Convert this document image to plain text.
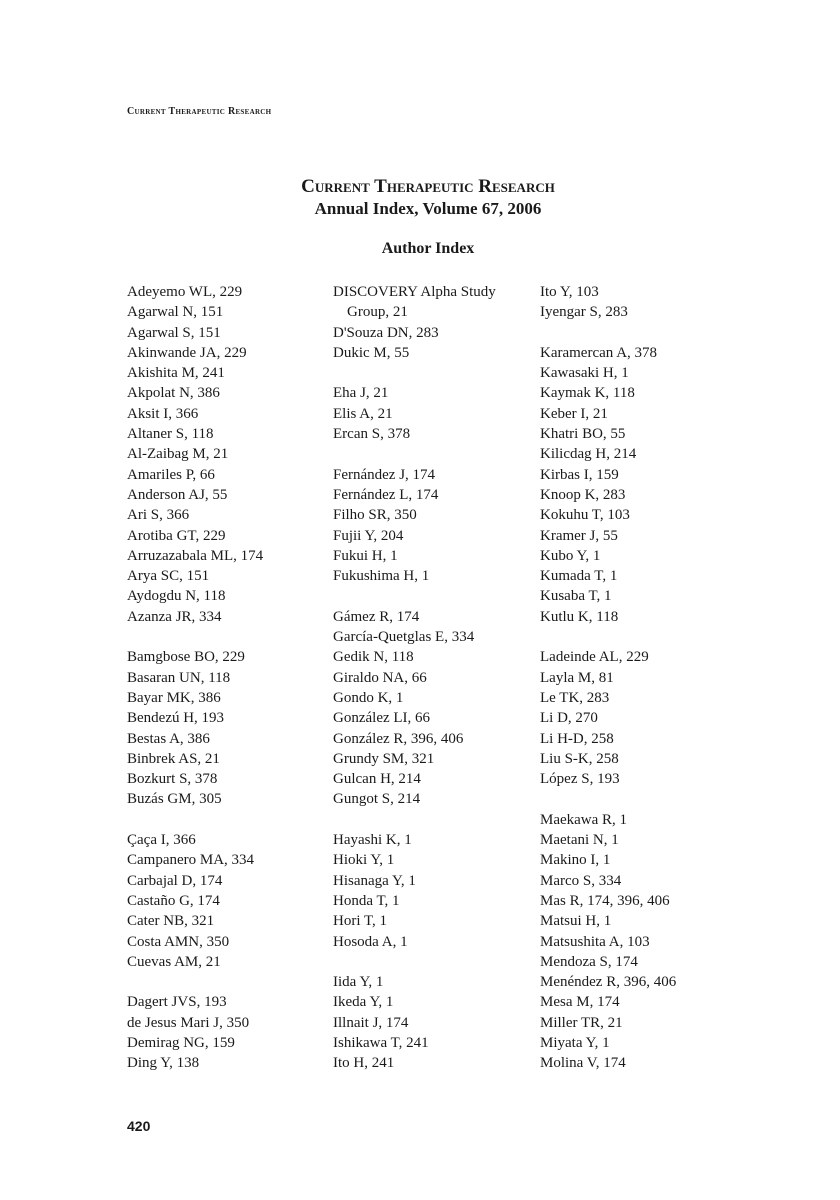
Current Therapeutic Research
Current Therapeutic Research
Annual Index, Volume 67, 2006
Author Index
Adeyemo WL, 229
Agarwal N, 151
Agarwal S, 151
Akinwande JA, 229
Akishita M, 241
Akpolat N, 386
Aksit I, 366
Altaner S, 118
Al-Zaibag M, 21
Amariles P, 66
Anderson AJ, 55
Ari S, 366
Arotiba GT, 229
Arruzazabala ML, 174
Arya SC, 151
Aydogdu N, 118
Azanza JR, 334
Bamgbose BO, 229
Basaran UN, 118
Bayar MK, 386
Bendezú H, 193
Bestas A, 386
Binbrek AS, 21
Bozkurt S, 378
Buzás GM, 305
Çaça I, 366
Campanero MA, 334
Carbajal D, 174
Castaño G, 174
Cater NB, 321
Costa AMN, 350
Cuevas AM, 21
Dagert JVS, 193
de Jesus Mari J, 350
Demirag NG, 159
Ding Y, 138
DISCOVERY Alpha Study
Group, 21
D'Souza DN, 283
Dukic M, 55
Eha J, 21
Elis A, 21
Ercan S, 378
Fernández J, 174
Fernández L, 174
Filho SR, 350
Fujii Y, 204
Fukui H, 1
Fukushima H, 1
Gámez R, 174
García-Quetglas E, 334
Gedik N, 118
Giraldo NA, 66
Gondo K, 1
González LI, 66
González R, 396, 406
Grundy SM, 321
Gulcan H, 214
Gungot S, 214
Hayashi K, 1
Hioki Y, 1
Hisanaga Y, 1
Honda T, 1
Hori T, 1
Hosoda A, 1
Iida Y, 1
Ikeda Y, 1
Illnait J, 174
Ishikawa T, 241
Ito H, 241
Ito Y, 103
Iyengar S, 283
Karamercan A, 378
Kawasaki H, 1
Kaymak K, 118
Keber I, 21
Khatri BO, 55
Kilicdag H, 214
Kirbas I, 159
Knoop K, 283
Kokuhu T, 103
Kramer J, 55
Kubo Y, 1
Kumada T, 1
Kusaba T, 1
Kutlu K, 118
Ladeinde AL, 229
Layla M, 81
Le TK, 283
Li D, 270
Li H-D, 258
Liu S-K, 258
López S, 193
Maekawa R, 1
Maetani N, 1
Makino I, 1
Marco S, 334
Mas R, 174, 396, 406
Matsui H, 1
Matsushita A, 103
Mendoza S, 174
Menéndez R, 396, 406
Mesa M, 174
Miller TR, 21
Miyata Y, 1
Molina V, 174
420
